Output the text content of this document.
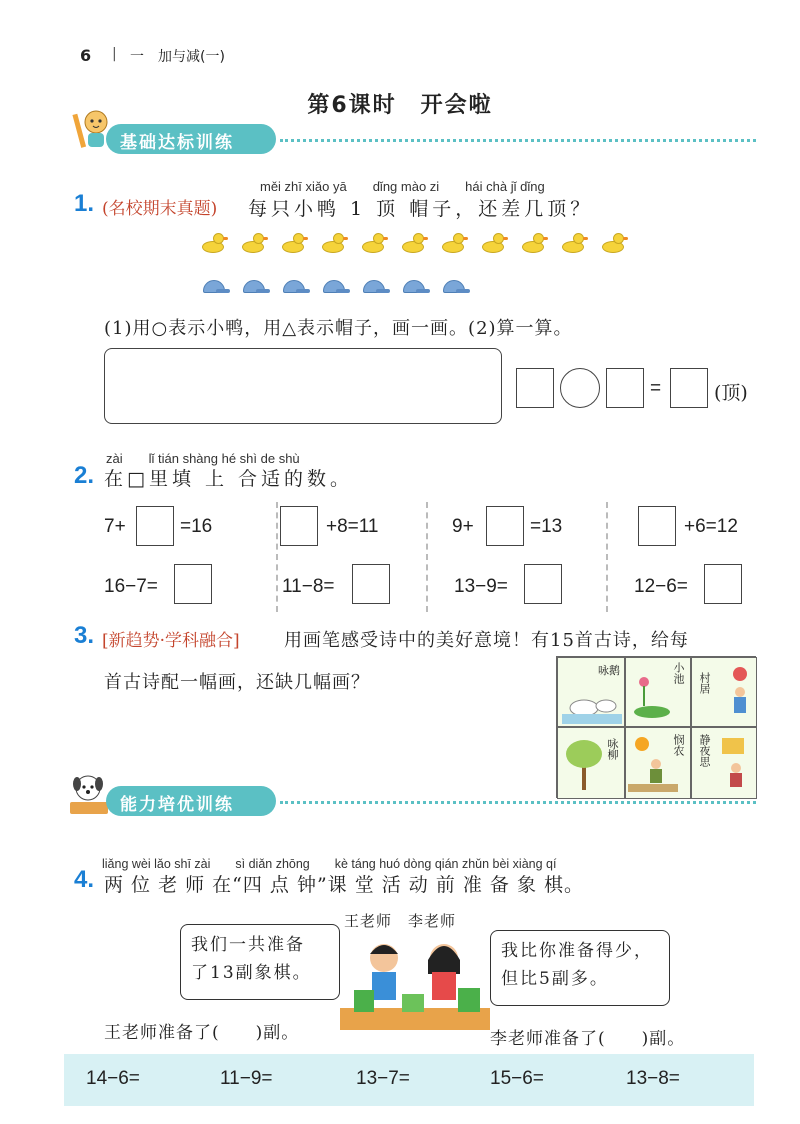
6 | 一　加与减(一)
第6课时　开会啦
基础达标训练
měi zhī xiǎo yā　　dǐng mào zi　　hái chà jǐ dǐng
1. (名校期末真题) 每只小鸭 1 顶 帽子，还差几顶？
(1)用○表示小鸭，用△表示帽子，画一画。(2)算一算。
=	(顶)
zài　　lǐ tián shàng hé shì de shù
2. 在□里填 上 合适的数。
7+	=16	+8=11	9+	=13	+6=12
16−7=	11−8=	13−9=	12−6=
3. [新趋势·学科融合] 用画笔感受诗中的美好意境！有15首古诗，给每
首古诗配一幅画，还缺几幅画？
咏鹅	小池 村居
咏柳	悯农 静夜思
能力培优训练
liǎng wèi lǎo shī zài　　sì diǎn zhōng　　kè táng huó dòng qián zhǔn bèi xiàng qí
4. 两 位 老 师 在“四 点 钟”课 堂 活 动 前 准 备 象 棋。
王老师　李老师
我们一共准备
了13副象棋。
我比你准备得少，
但比5副多。
王老师准备了(　　)副。	李老师准备了(　　)副。
14−6=	11−9=	13−7=	15−6=	13−8=
